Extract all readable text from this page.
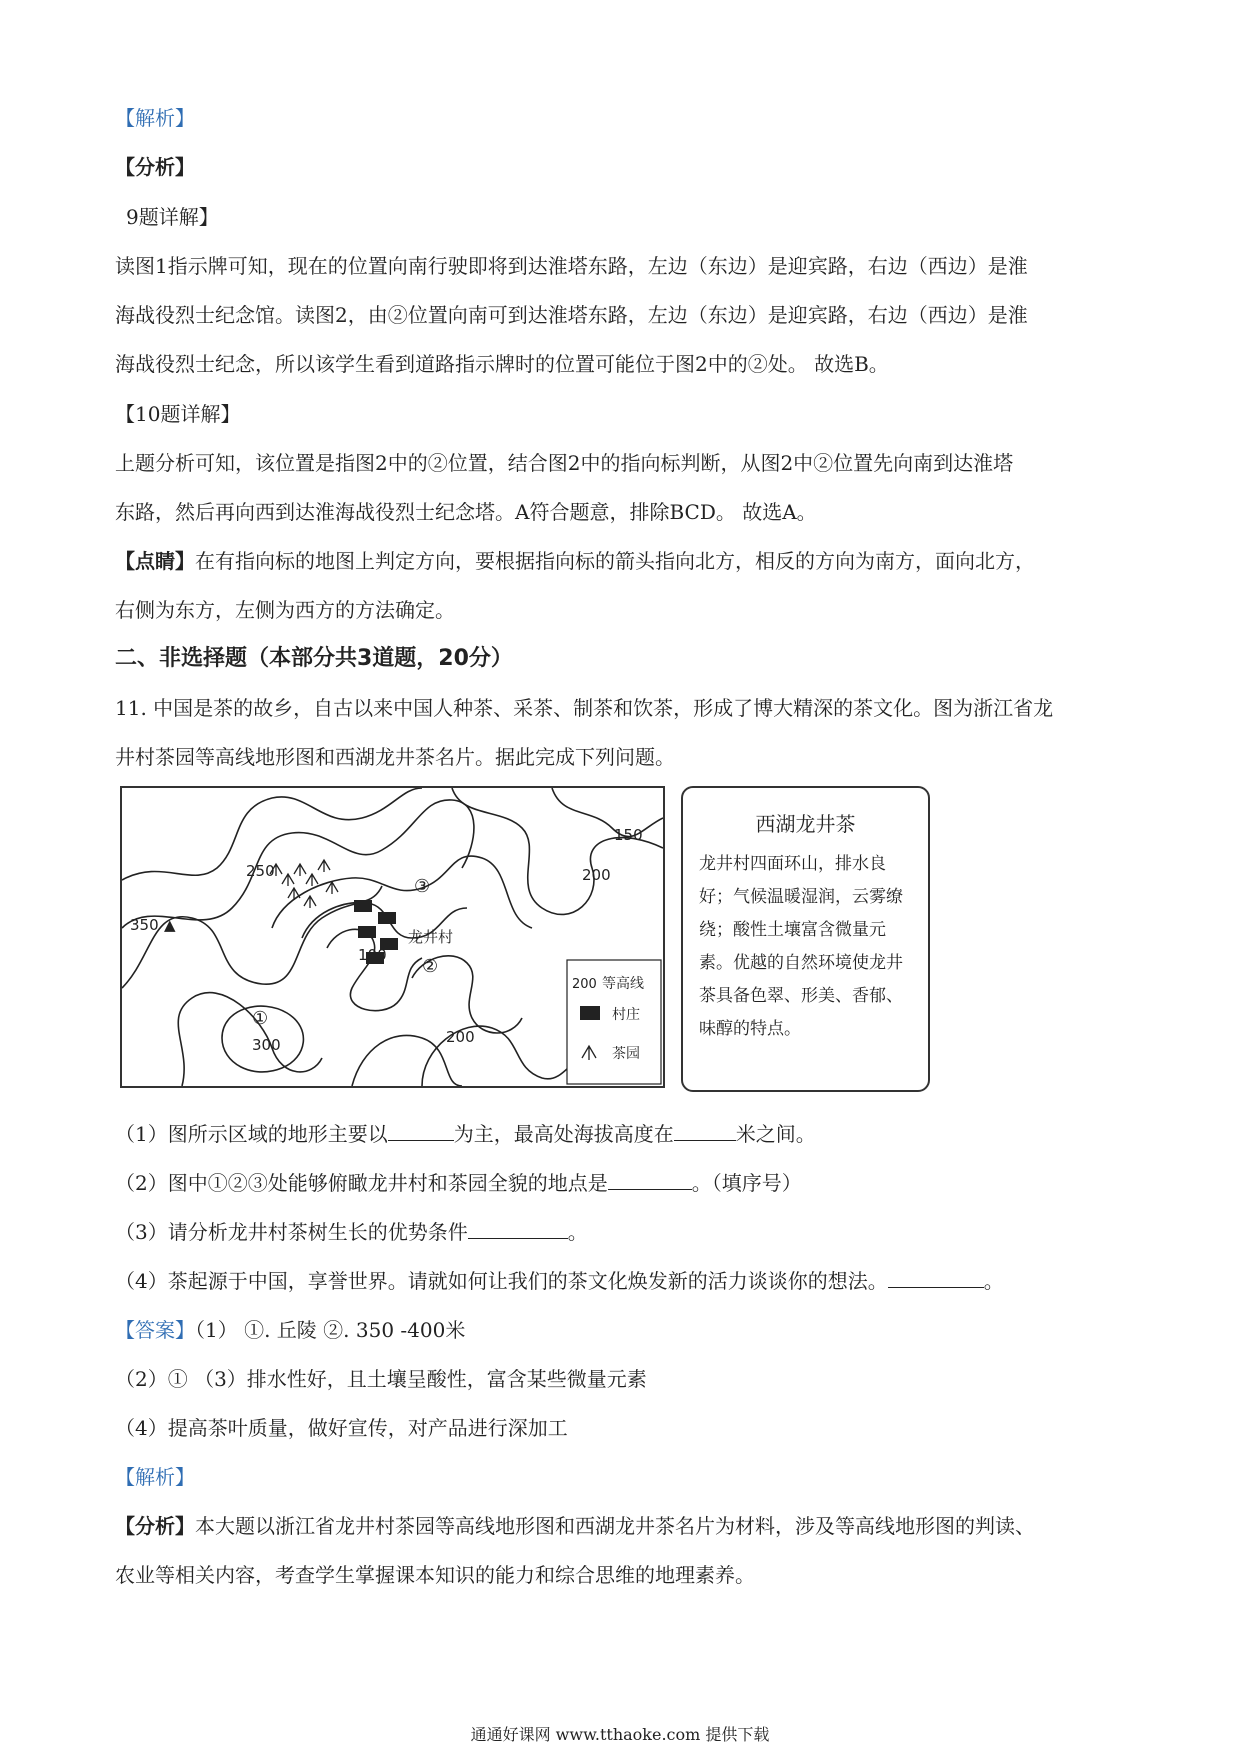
【解析】
【分析】
9题详解】
读图1指示牌可知，现在的位置向南行驶即将到达淮塔东路，左边（东边）是迎宾路，右边（西边）是淮
海战役烈士纪念馆。读图2，由②位置向南可到达淮塔东路，左边（东边）是迎宾路，右边（西边）是淮
海战役烈士纪念，所以该学生看到道路指示牌时的位置可能位于图2中的②处。 故选B。
【10题详解】
上题分析可知，该位置是指图2中的②位置，结合图2中的指向标判断，从图2中②位置先向南到达淮塔
东路，然后再向西到达淮海战役烈士纪念塔。A符合题意，排除BCD。 故选A。
【点睛】在有指向标的地图上判定方向，要根据指向标的箭头指向北方，相反的方向为南方，面向北方，
右侧为东方，左侧为西方的方法确定。
二、非选择题（本部分共3道题，20分）
11. 中国是茶的故乡，自古以来中国人种茶、采茶、制茶和饮茶，形成了博大精深的茶文化。图为浙江省龙
井村茶园等高线地形图和西湖龙井茶名片。据此完成下列问题。
150
200
250
350 ▲
100
300	200
①
②
③
龙井村
200 等高线
村庄
茶园
西湖龙井茶
龙井村四面环山，排水良好；气候温暖湿润，云雾缭绕；酸性土壤富含微量元素。优越的自然环境使龙井茶具备色翠、形美、香郁、味醇的特点。
（1）图所示区域的地形主要以	为主，最高处海拔高度在	米之间。
（2）图中①②③处能够俯瞰龙井村和茶园全貌的地点是	。（填序号）
（3）请分析龙井村茶树生长的优势条件	。
（4）茶起源于中国，享誉世界。请就如何让我们的茶文化焕发新的活力谈谈你的想法。	。
【答案】（1） ①. 丘陵 ②. 350 -400米
（2）① （3）排水性好，且土壤呈酸性，富含某些微量元素
（4）提高茶叶质量，做好宣传，对产品进行深加工
【解析】
【分析】本大题以浙江省龙井村茶园等高线地形图和西湖龙井茶名片为材料，涉及等高线地形图的判读、
农业等相关内容，考查学生掌握课本知识的能力和综合思维的地理素养。
通通好课网 www.tthaoke.com 提供下载
